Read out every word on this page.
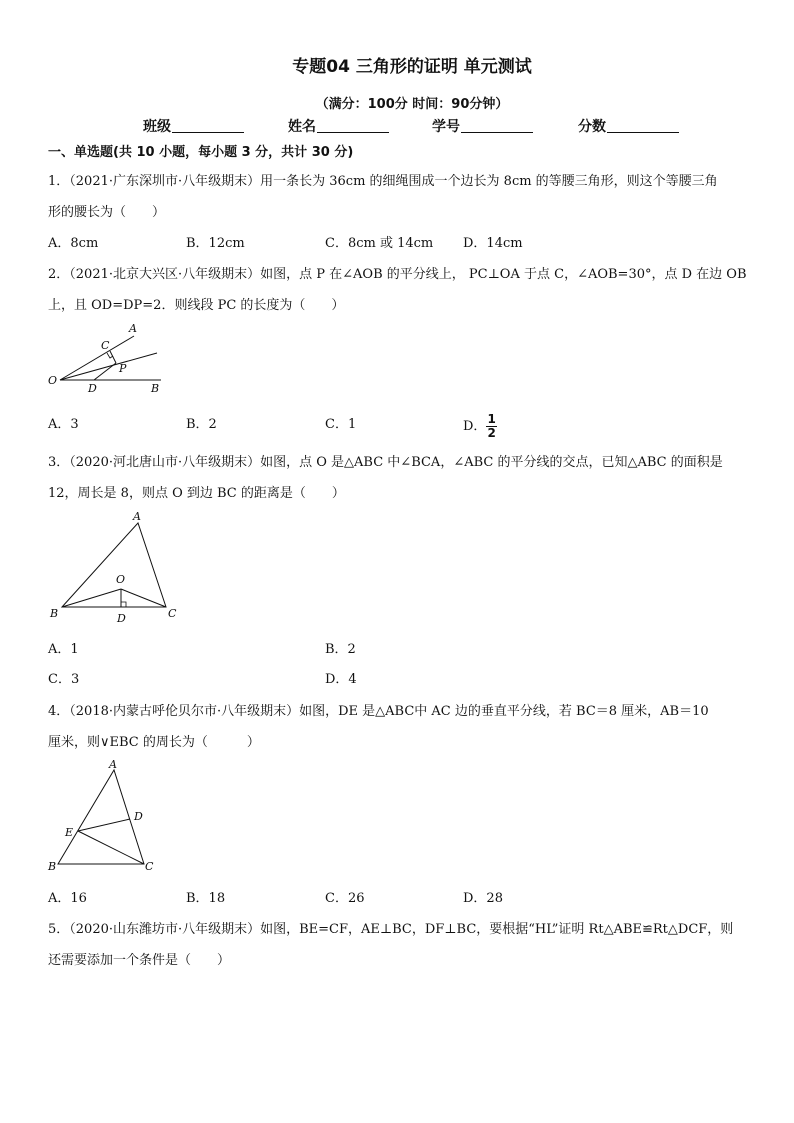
专题04 三角形的证明 单元测试
（满分：100分 时间：90分钟）
班级	姓名	学号	分数
一、单选题(共 10 小题，每小题 3 分，共计 30 分)
1．（2021·广东深圳市·八年级期末）用一条长为 36cm 的细绳围成一个边长为 8cm 的等腰三角形，则这个等腰三角
形的腰长为（　　）
A．8cm	B．12cm	C．8cm 或 14cm D．14cm
2．（2021·北京大兴区·八年级期末）如图，点 P 在∠AOB 的平分线上， PC⊥OA 于点 C，∠AOB=30°，点 D 在边 OB
上，且 OD=DP=2．则线段 PC 的长度为（　　）
A
C
P
O
D	B
A．3	B．2	C．1	D． $\frac{1}{2}$
3．（2020·河北唐山市·八年级期末）如图，点 O 是△ABC 中∠BCA，∠ABC 的平分线的交点，已知△ABC 的面积是
12，周长是 8，则点 O 到边 BC 的距离是（　　）
A
O
B	D	C
A．1	B．2
C．3	D．4
4．（2018·内蒙古呼伦贝尔市·八年级期末）如图，DE 是△ABC中 AC 边的垂直平分线，若 BC＝8 厘米，AB＝10
厘米，则∨EBC 的周长为（　　　）
A
D
E
B	C
A．16	B．18	C．26	D．28
5．（2020·山东潍坊市·八年级期末）如图，BE=CF，AE⊥BC，DF⊥BC，要根据“HL”证明 Rt△ABE≌Rt△DCF，则
还需要添加一个条件是（　　）
